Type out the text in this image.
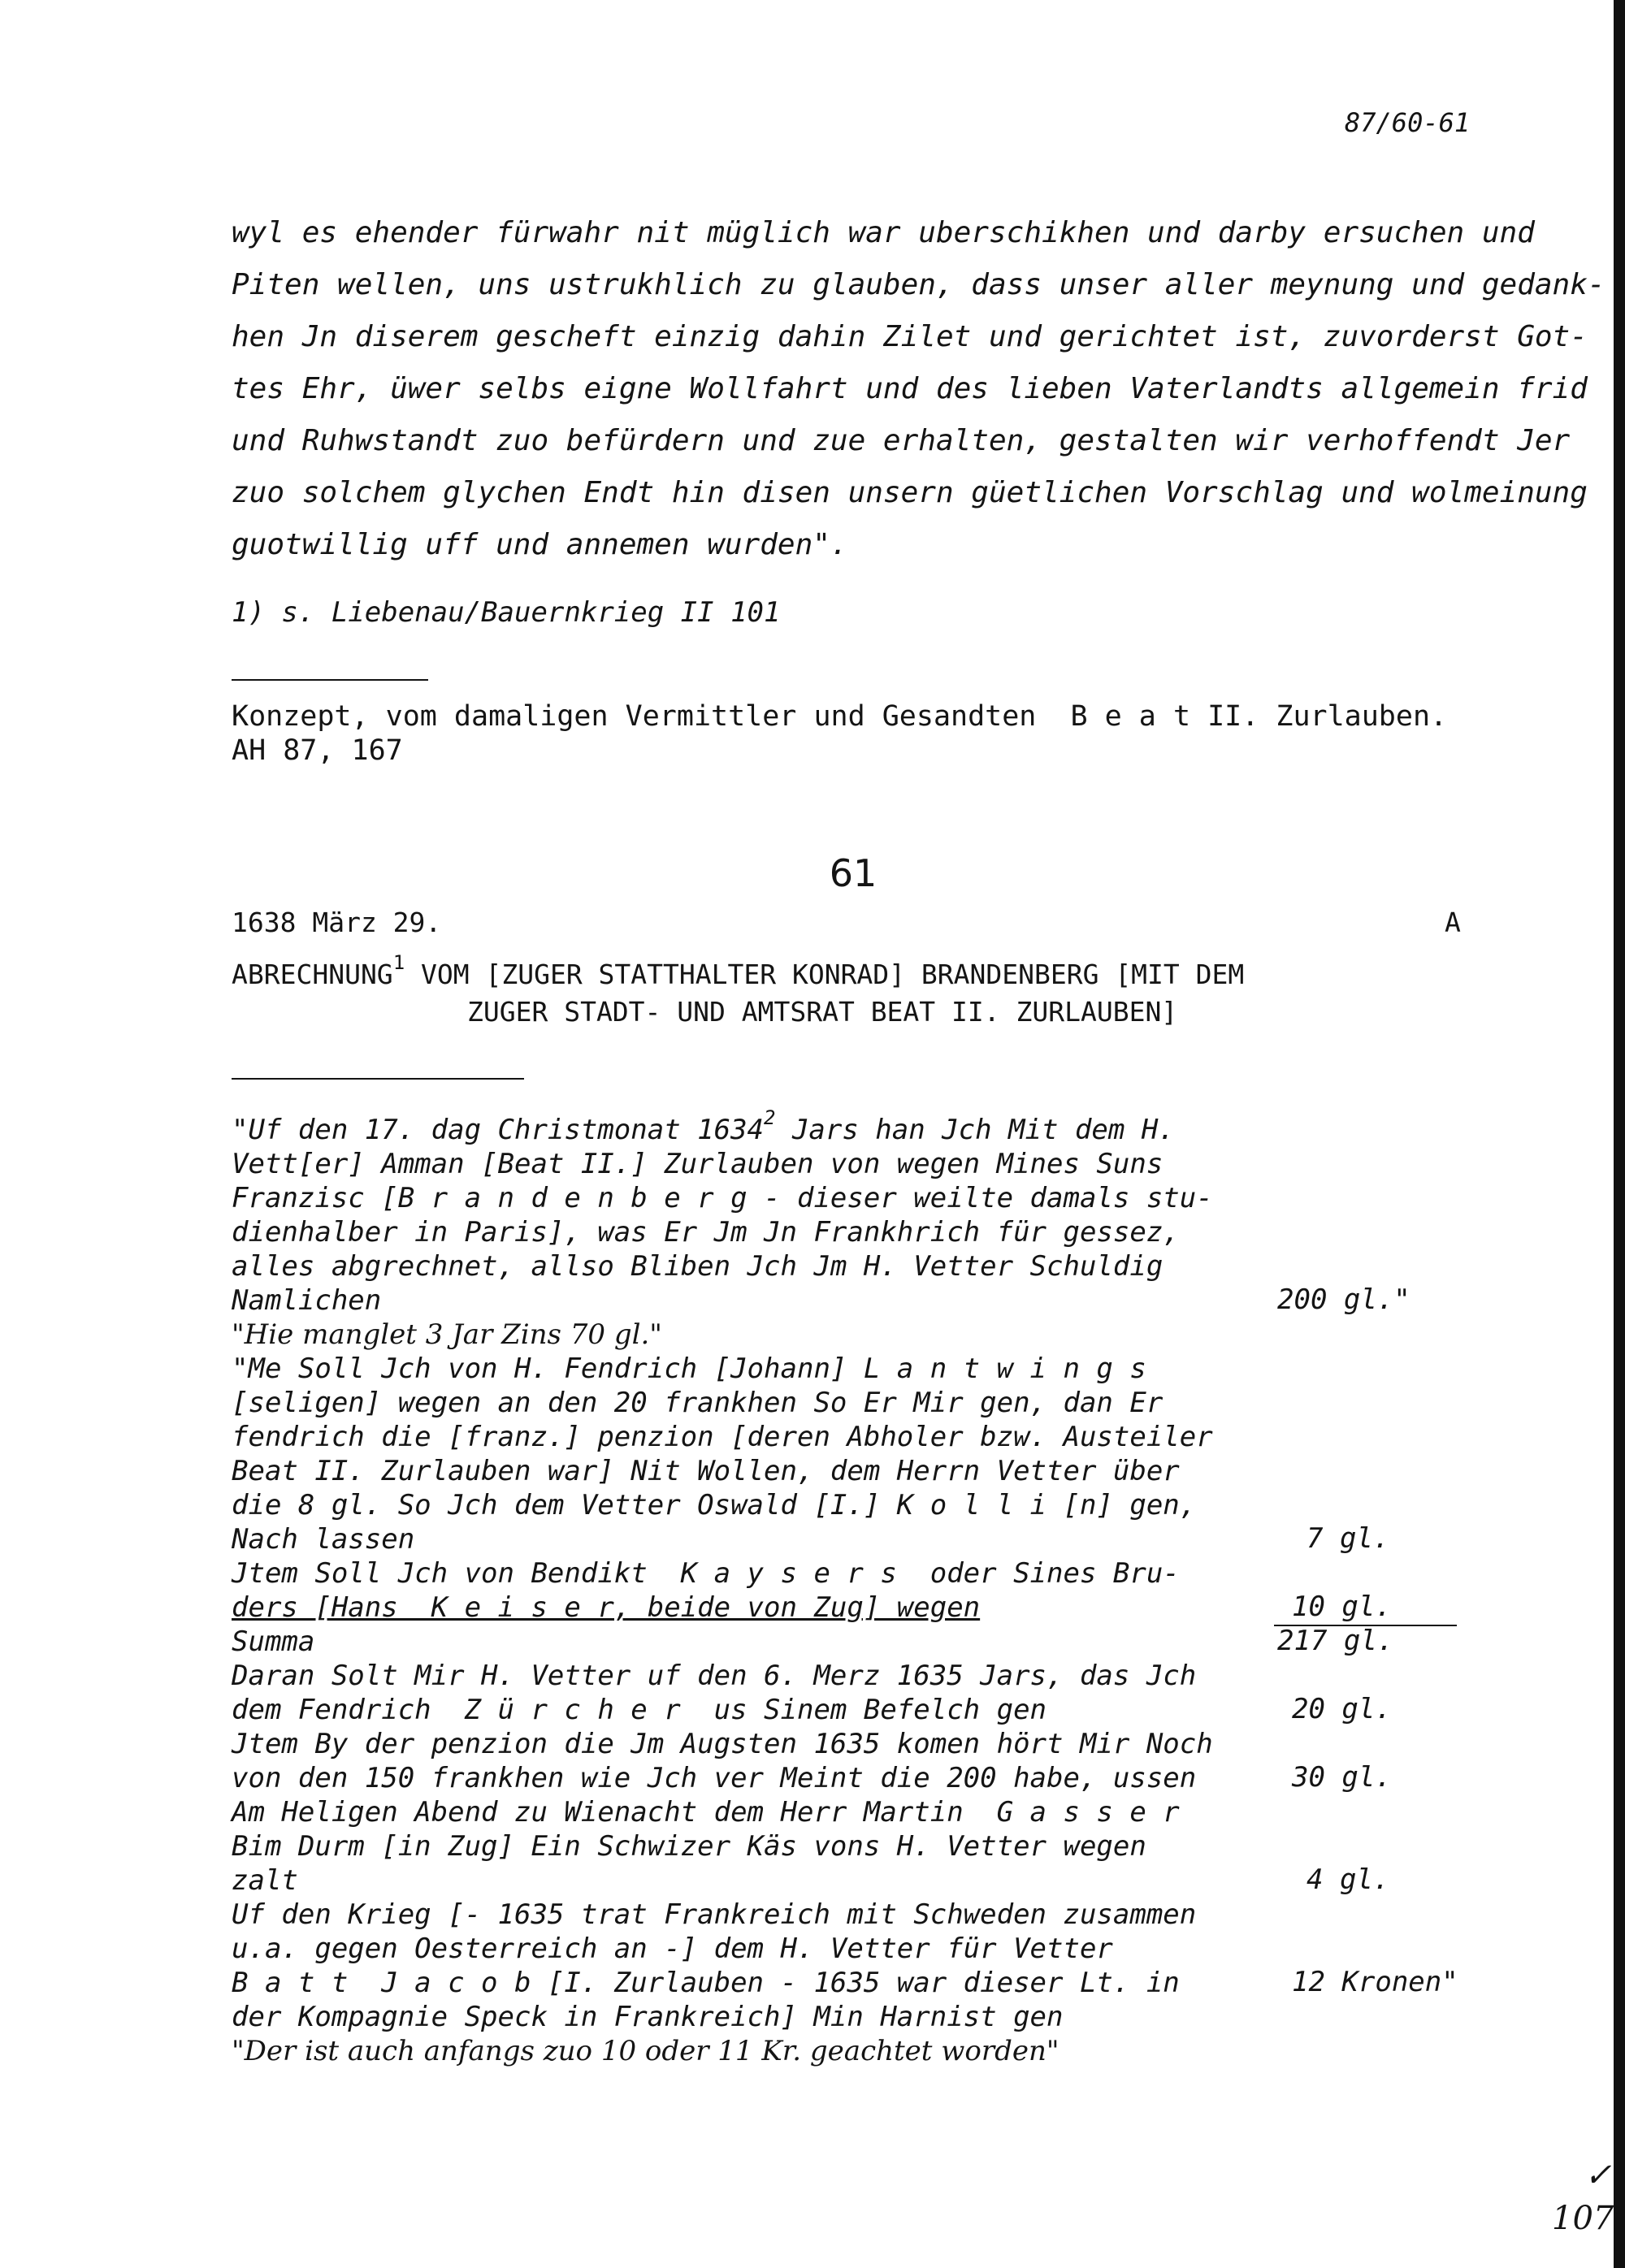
87/60-61
wyl es ehender fürwahr nit müglich war uberschikhen und darby ersuchen und
Piten wellen, uns ustrukhlich zu glauben, dass unser aller meynung und gedank-
hen Jn diserem gescheft einzig dahin Zilet und gerichtet ist, zuvorderst Got-
tes Ehr, üwer selbs eigne Wollfahrt und des lieben Vaterlandts allgemein frid
und Ruhwstandt zuo befürdern und zue erhalten, gestalten wir verhoffendt Jer
zuo solchem glychen Endt hin disen unsern güetlichen Vorschlag und wolmeinung
guotwillig uff und annemen wurden".
1) s. Liebenau/Bauernkrieg II 101
Konzept, vom damaligen Vermittler und Gesandten  B e a t II. Zurlauben.
AH 87, 167
61
1638 März 29.	A
ABRECHNUNG$^1$ VOM [ZUGER STATTHALTER KONRAD] BRANDENBERG [MIT DEM
ZUGER STADT- UND AMTSRAT BEAT II. ZURLAUBEN]
"Uf den 17. dag Christmonat 1634$^2$ Jars han Jch Mit dem H.
Vett[er] Amman [Beat II.] Zurlauben von wegen Mines Suns
Franzisc [B r a n d e n b e r g - dieser weilte damals stu-
dienhalber in Paris], was Er Jm Jn Frankhrich für gessez,
alles abgrechnet, allso Bliben Jch Jm H. Vetter Schuldig
Namlichen
"Hie manglet 3 Jar Zins 70 gl."
"Me Soll Jch von H. Fendrich [Johann] L a n t w i n g s
[seligen] wegen an den 20 frankhen So Er Mir gen, dan Er
fendrich die [franz.] penzion [deren Abholer bzw. Austeiler
Beat II. Zurlauben war] Nit Wollen, dem Herrn Vetter über
die 8 gl. So Jch dem Vetter Oswald [I.] K o l l i [n] gen,
Nach lassen
Jtem Soll Jch von Bendikt  K a y s e r s  oder Sines Bru-
ders [Hans  K e i s e r, beide von Zug] wegen
Summa
Daran Solt Mir H. Vetter uf den 6. Merz 1635 Jars, das Jch
dem Fendrich  Z ü r c h e r  us Sinem Befelch gen
Jtem By der penzion die Jm Augsten 1635 komen hört Mir Noch
von den 150 frankhen wie Jch ver Meint die 200 habe, ussen
Am Heligen Abend zu Wienacht dem Herr Martin  G a s s e r
Bim Durm [in Zug] Ein Schwizer Käs vons H. Vetter wegen
zalt
Uf den Krieg [- 1635 trat Frankreich mit Schweden zusammen
u.a. gegen Oesterreich an -] dem H. Vetter für Vetter
B a t t  J a c o b [I. Zurlauben - 1635 war dieser Lt. in
der Kompagnie Speck in Frankreich] Min Harnist gen
"Der ist auch anfangs zuo 10 oder 11 Kr. geachtet worden"
200 gl."
7 gl.
10 gl.
217 gl.
20 gl.
30 gl.
4 gl.
12 Kronen"
✓
107
